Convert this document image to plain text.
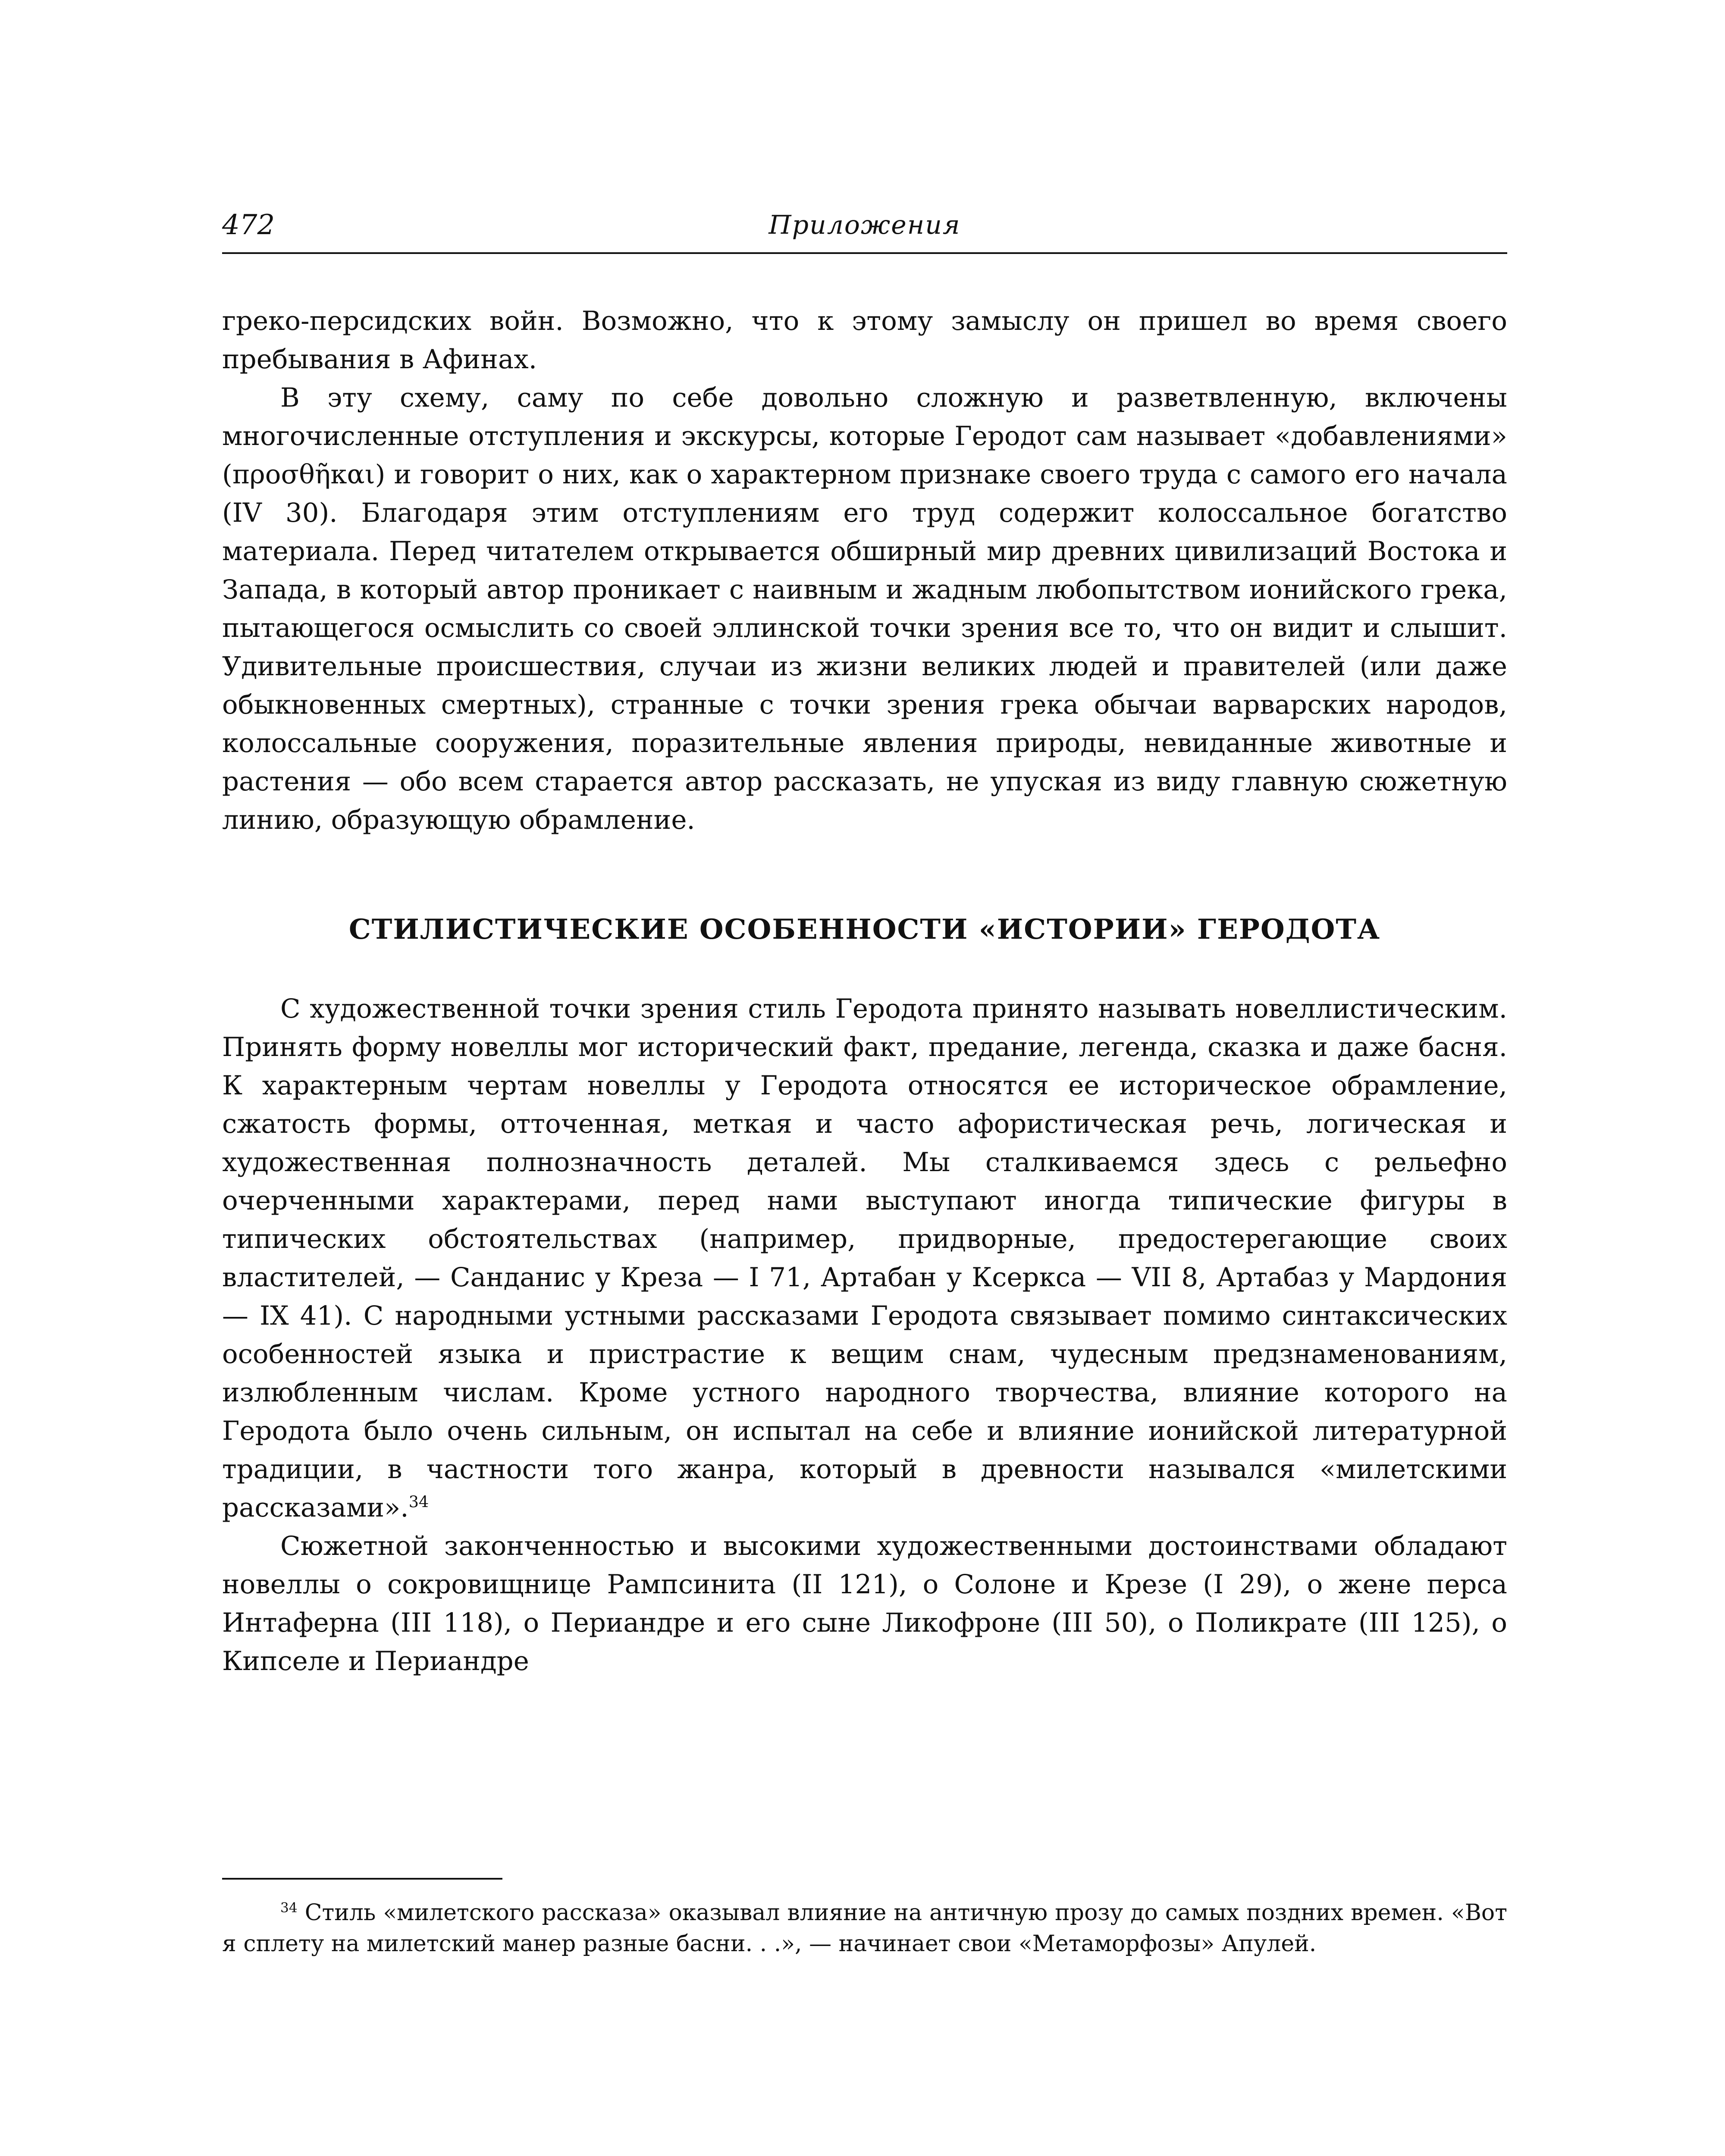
472	Приложения

греко-персидских войн. Возможно, что к этому замыслу он пришел во время своего пребывания в Афинах.

В эту схему, саму по себе довольно сложную и разветвленную, включены многочисленные отступления и экскурсы, которые Геродот сам называет «добавлениями» (προσθῆκαι) и говорит о них, как о характерном признаке своего труда с самого его начала (IV 30). Благодаря этим отступлениям его труд содержит колоссальное богатство материала. Перед читателем открывается обширный мир древних цивилизаций Востока и Запада, в который автор проникает с наивным и жадным любопытством ионийского грека, пытающегося осмыслить со своей эллинской точки зрения все то, что он видит и слышит. Удивительные происшествия, случаи из жизни великих людей и правителей (или даже обыкновенных смертных), странные с точки зрения грека обычаи варварских народов, колоссальные сооружения, поразительные явления природы, невиданные животные и растения — обо всем старается автор рассказать, не упуская из виду главную сюжетную линию, образующую обрамление.

СТИЛИСТИЧЕСКИЕ ОСОБЕННОСТИ «ИСТОРИИ» ГЕРОДОТА

С художественной точки зрения стиль Геродота принято называть новеллистическим. Принять форму новеллы мог исторический факт, предание, легенда, сказка и даже басня. К характерным чертам новеллы у Геродота относятся ее историческое обрамление, сжатость формы, отточенная, меткая и часто афористическая речь, логическая и художественная полнозначность деталей. Мы сталкиваемся здесь с рельефно очерченными характерами, перед нами выступают иногда типические фигуры в типических обстоятельствах (например, придворные, предостерегающие своих властителей, — Санданис у Креза — I 71, Артабан у Ксеркса — VII 8, Артабаз у Мардония — IX 41). С народными устными рассказами Геродота связывает помимо синтаксических особенностей языка и пристрастие к вещим снам, чудесным предзнаменованиям, излюбленным числам. Кроме устного народного творчества, влияние которого на Геродота было очень сильным, он испытал на себе и влияние ионийской литературной традиции, в частности того жанра, который в древности назывался «милетскими рассказами».$^{34}$

Сюжетной законченностью и высокими художественными достоинствами обладают новеллы о сокровищнице Рампсинита (II 121), о Солоне и Крезе (I 29), о жене перса Интаферна (III 118), о Периандре и его сыне Ликофроне (III 50), о Поликрате (III 125), о Кипселе и Периандре

$^{34}$ Стиль «милетского рассказа» оказывал влияние на античную прозу до самых поздних времен. «Вот я сплету на милетский манер разные басни. . .», — начинает свои «Метаморфозы» Апулей.
